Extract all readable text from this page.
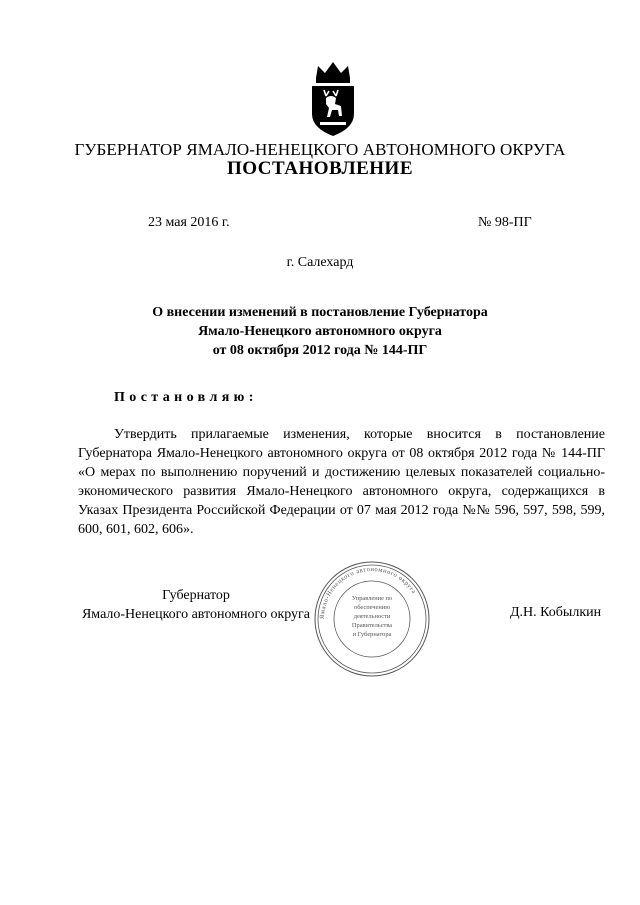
ГУБЕРНАТОР ЯМАЛО-НЕНЕЦКОГО АВТОНОМНОГО ОКРУГА
ПОСТАНОВЛЕНИЕ
23 мая 2016 г.	№ 98-ПГ
г. Салехард
О внесении изменений в постановление Губернатора
Ямало-Ненецкого автономного округа
от 08 октября 2012 года № 144-ПГ
Постановляю:
Утвердить прилагаемые изменения, которые вносится в постановление Губернатора Ямало-Ненецкого автономного округа от 08 октября 2012 года № 144-ПГ «О мерах по выполнению поручений и достижению целевых показателей социально-экономического развития Ямало-Ненецкого автономного округа, содержащихся в Указах Президента Российской Федерации от 07 мая 2012 года №№ 596, 597, 598, 599, 600, 601, 602, 606».
Губернатор
Ямало-Ненецкого автономного округа	Д.Н. Кобылкин
Ямало-Ненецкого автономного округа
Управление по
обеспечению
деятельности
Правительства
и Губернатора
